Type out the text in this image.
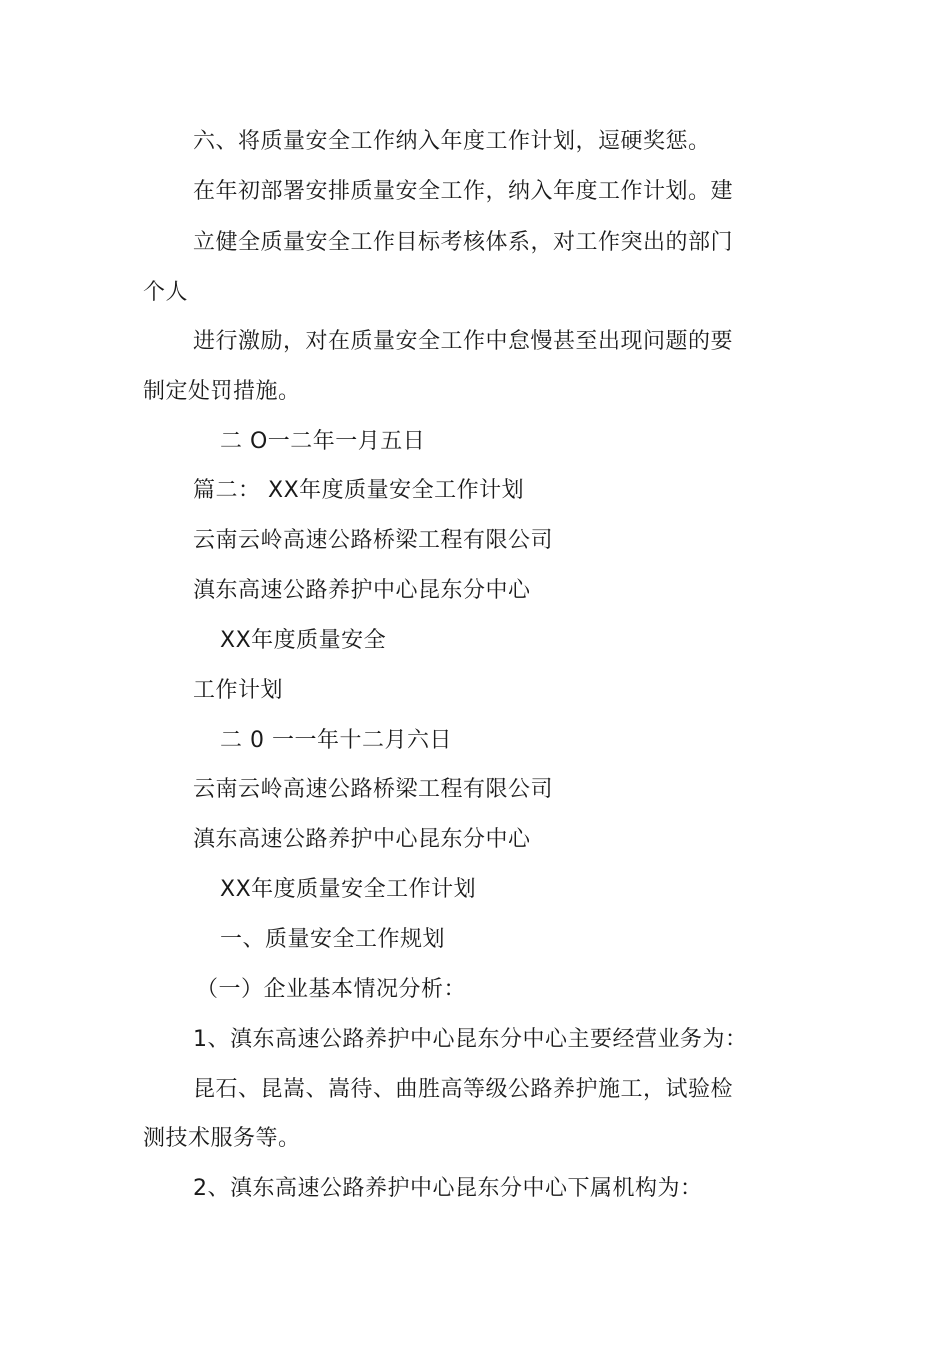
六、将质量安全工作纳入年度工作计划，逗硬奖惩。
在年初部署安排质量安全工作，纳入年度工作计划。建
立健全质量安全工作目标考核体系，对工作突出的部门
个人
进行激励，对在质量安全工作中怠慢甚至出现问题的要
制定处罚措施。
二 O一二年一月五日
篇二： XX年度质量安全工作计划
云南云岭高速公路桥梁工程有限公司
滇东高速公路养护中心昆东分中心
XX年度质量安全
工作计划
二 0 一一年十二月六日
云南云岭高速公路桥梁工程有限公司
滇东高速公路养护中心昆东分中心
XX年度质量安全工作计划
一、质量安全工作规划
（一）企业基本情况分析：
1、滇东高速公路养护中心昆东分中心主要经营业务为：
昆石、昆嵩、嵩待、曲胜高等级公路养护施工，试验检
测技术服务等。
2、滇东高速公路养护中心昆东分中心下属机构为：
